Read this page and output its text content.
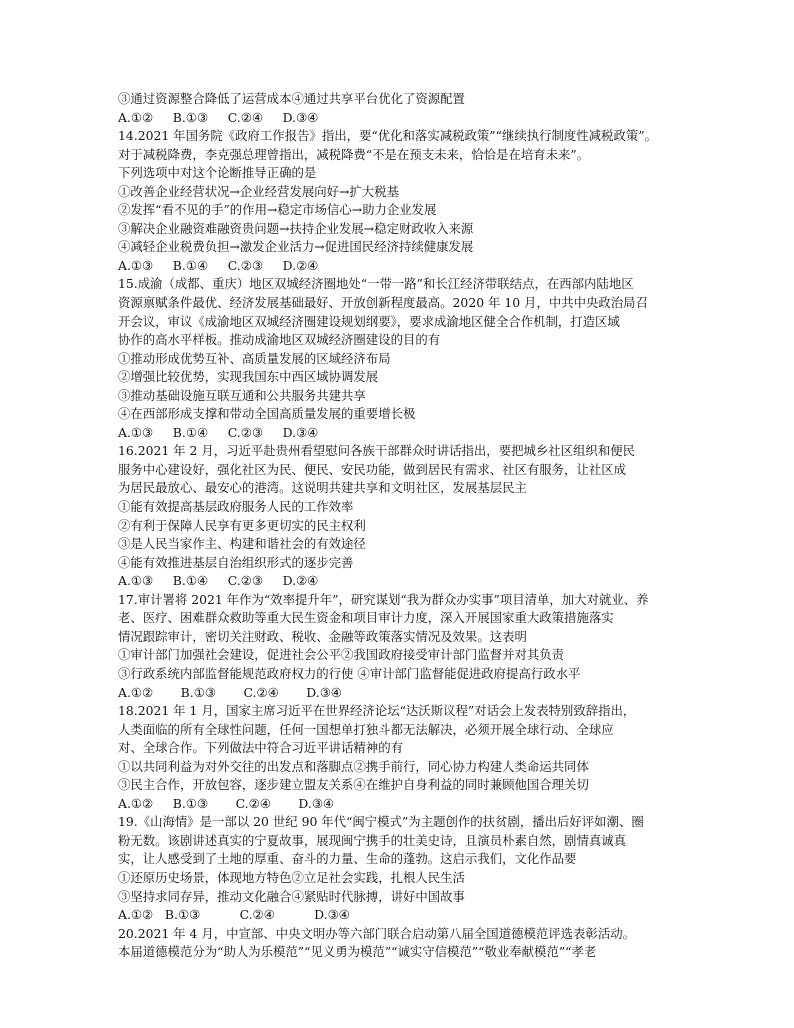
③通过资源整合降低了运营成本④通过共享平台优化了资源配置
A.①②     B.①③     C.②④     D.③④
14.2021 年国务院《政府工作报告》指出，要“优化和落实减税政策”“继续执行制度性减税政策”。
对于减税降费，李克强总理曾指出，减税降费“不是在预支未来，恰恰是在培育未来”。
下列选项中对这个论断推导正确的是
①改善企业经营状况→企业经营发展向好→扩大税基
②发挥“看不见的手”的作用→稳定市场信心→助力企业发展
③解决企业融资难融资贵问题→扶持企业发展→稳定财政收入来源
④减轻企业税费负担→激发企业活力→促进国民经济持续健康发展
A.①③     B.①④     C.②③     D.②④
15.成渝（成都、重庆）地区双城经济圈地处“一带一路”和长江经济带联结点，在西部内陆地区
资源禀赋条件最优、经济发展基础最好、开放创新程度最高。2020 年 10 月，中共中央政治局召
开会议，审议《成渝地区双城经济圈建设规划纲要》，要求成渝地区健全合作机制，打造区域
协作的高水平样板。推动成渝地区双城经济圈建设的目的有
①推动形成优势互补、高质量发展的区域经济布局
②增强比较优势，实现我国东中西区域协调发展
③推动基础设施互联互通和公共服务共建共享
④在西部形成支撑和带动全国高质量发展的重要增长极
A.①③     B.①④     C.②③     D.③④
16.2021 年 2 月，习近平赴贵州看望慰问各族干部群众时讲话指出，要把城乡社区组织和便民
服务中心建设好，强化社区为民、便民、安民功能，做到居民有需求、社区有服务，让社区成
为居民最放心、最安心的港湾。这说明共建共享和文明社区，发展基层民主
①能有效提高基层政府服务人民的工作效率
②有利于保障人民享有更多更切实的民主权利
③是人民当家作主、构建和谐社会的有效途径
④能有效推进基层自治组织形式的逐步完善
A.①③     B.①④     C.②③     D.②④
17.审计署将 2021 年作为“效率提升年”，研究谋划“我为群众办实事”项目清单，加大对就业、养
老、医疗、困难群众救助等重大民生资金和项目审计力度，深入开展国家重大政策措施落实
情况跟踪审计，密切关注财政、税收、金融等政策落实情况及效果。这表明
①审计部门加强社会建设，促进社会公平②我国政府接受审计部门监督并对其负责
③行政系统内部监督能规范政府权力的行使 ④审计部门监督能促进政府提高行政水平
A.①②       B.①③       C.②④       D.③④
18.2021 年 1 月，国家主席习近平在世界经济论坛“达沃斯议程”对话会上发表特别致辞指出，
人类面临的所有全球性问题，任何一国想单打独斗都无法解决，必须开展全球行动、全球应
对、全球合作。下列做法中符合习近平讲话精神的有
①以共同利益为对外交往的出发点和落脚点②携手前行，同心协力构建人类命运共同体
③民主合作，开放包容，逐步建立盟友关系④在维护自身利益的同时兼顾他国合理关切
A.①②     B.①③       C.②④       D.③④
19.《山海情》是一部以 20 世纪 90 年代“闽宁模式”为主题创作的扶贫剧，播出后好评如潮、圈
粉无数。该剧讲述真实的宁夏故事，展现闽宁携手的壮美史诗，且演员朴素自然，剧情真诚真
实，让人感受到了土地的厚重、奋斗的力量、生命的蓬勃。这启示我们，文化作品要
①还原历史场景，体现地方特色②立足社会实践，扎根人民生活
③坚持求同存异，推动文化融合④紧贴时代脉搏，讲好中国故事
A.①②   B.①③          C.②④          D.③④
20.2021 年 4 月，中宣部、中央文明办等六部门联合启动第八届全国道德模范评选表彰活动。
本届道德模范分为“助人为乐模范”“见义勇为模范”“诚实守信模范”“敬业奉献模范”“孝老
